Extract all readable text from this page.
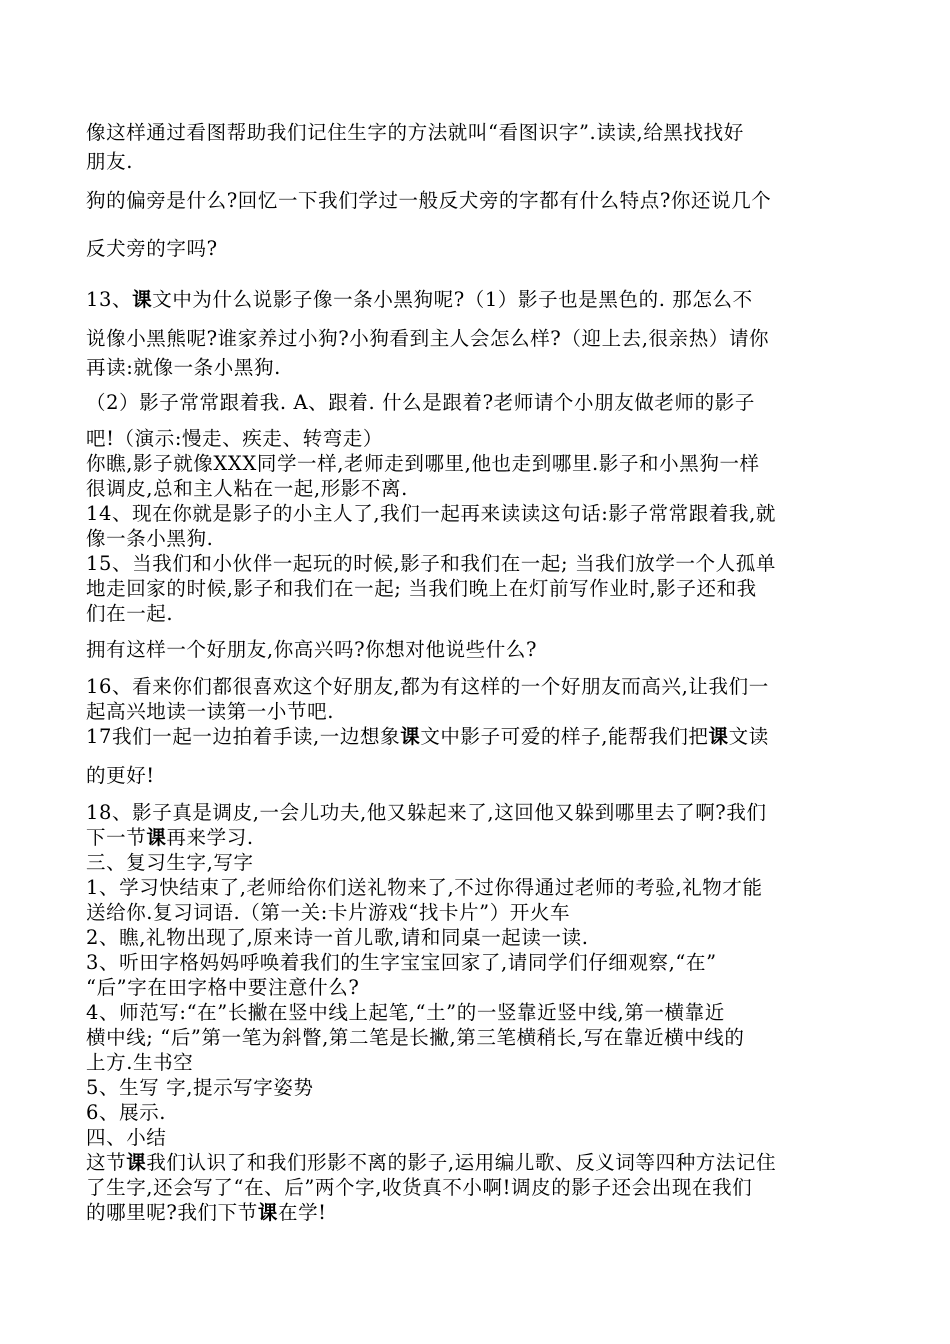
像这样通过看图帮助我们记住生字的方法就叫“看图识字”.读读,给黑找找好
朋友.
狗的偏旁是什么?回忆一下我们学过一般反犬旁的字都有什么特点?你还说几个
反犬旁的字吗?
13、课文中为什么说影子像一条小黑狗呢?（1）影子也是黑色的. 那怎么不
说像小黑熊呢?谁家养过小狗?小狗看到主人会怎么样?（迎上去,很亲热）请你
再读:就像一条小黑狗.
（2）影子常常跟着我. A、跟着. 什么是跟着?老师请个小朋友做老师的影子
吧!（演示:慢走、疾走、转弯走）
你瞧,影子就像XXX同学一样,老师走到哪里,他也走到哪里.影子和小黑狗一样
很调皮,总和主人粘在一起,形影不离.
14、现在你就是影子的小主人了,我们一起再来读读这句话:影子常常跟着我,就
像一条小黑狗.
15、当我们和小伙伴一起玩的时候,影子和我们在一起; 当我们放学一个人孤单
地走回家的时候,影子和我们在一起; 当我们晚上在灯前写作业时,影子还和我
们在一起.
拥有这样一个好朋友,你高兴吗?你想对他说些什么?
16、看来你们都很喜欢这个好朋友,都为有这样的一个好朋友而高兴,让我们一
起高兴地读一读第一小节吧.
17我们一起一边拍着手读,一边想象课文中影子可爱的样子,能帮我们把课文读
的更好!
18、影子真是调皮,一会儿功夫,他又躲起来了,这回他又躲到哪里去了啊?我们
下一节课再来学习.
三、复习生字,写字
1、学习快结束了,老师给你们送礼物来了,不过你得通过老师的考验,礼物才能
送给你.复习词语.（第一关:卡片游戏“找卡片”）开火车
2、瞧,礼物出现了,原来诗一首儿歌,请和同桌一起读一读.
3、听田字格妈妈呼唤着我们的生字宝宝回家了,请同学们仔细观察,“在”
“后”字在田字格中要注意什么?
4、师范写:“在”长撇在竖中线上起笔,“土”的一竖靠近竖中线,第一横靠近
横中线; “后”第一笔为斜瞥,第二笔是长撇,第三笔横稍长,写在靠近横中线的
上方.生书空
5、生写 字,提示写字姿势
6、展示.
四、小结
这节课我们认识了和我们形影不离的影子,运用编儿歌、反义词等四种方法记住
了生字,还会写了“在、后”两个字,收货真不小啊!调皮的影子还会出现在我们
的哪里呢?我们下节课在学!
